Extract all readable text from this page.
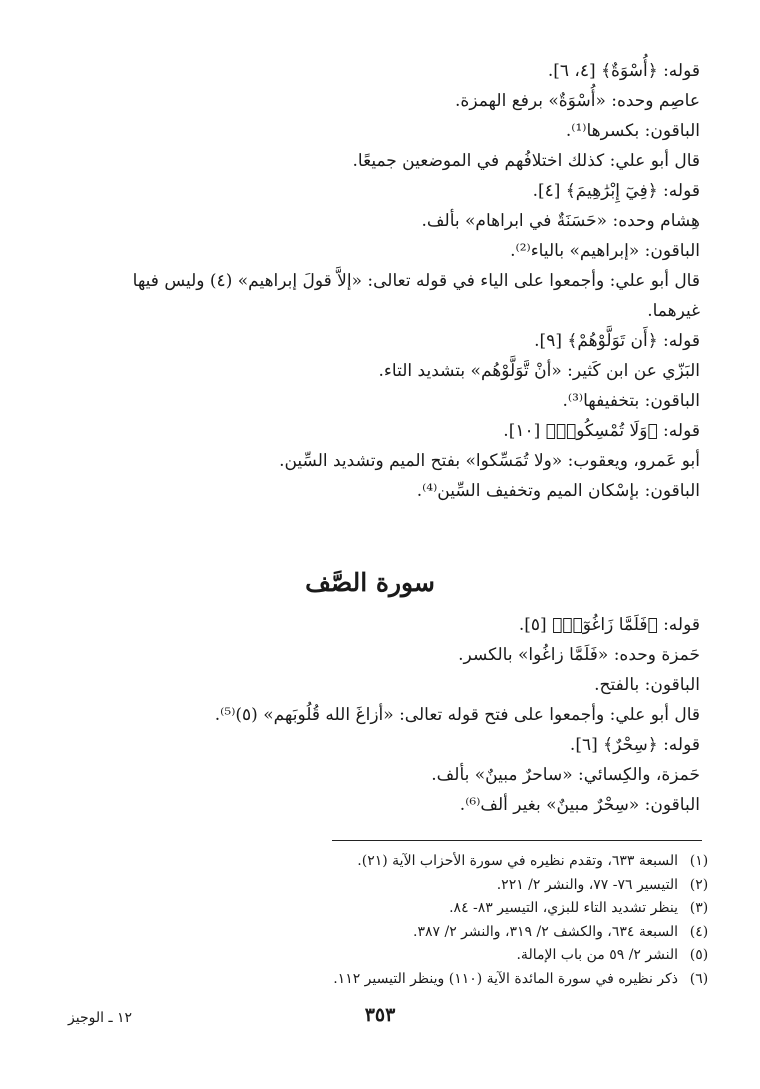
قوله: ﴿أُسْوَةٌ﴾ [٤، ٦].
عاصِم وحده: «أُسْوَةٌ» برفع الهمزة.
الباقون: بكسرها⁽¹⁾.
قال أبو علي: كذلك اختلافُهم في الموضعين جميعًا.
قوله: ﴿فِيٓ إِبْرَٰهِيمَ﴾ [٤].
هِشام وحده: «حَسَنَةٌ في ابراهام» بألف.
الباقون: «إبراهيم» بالياء⁽²⁾.
قال أبو علي: وأجمعوا على الياء في قوله تعالى: «إلاَّ قولَ إبراهيم» (٤) وليس فيها
غيرهما.
قوله: ﴿أَن تَوَلَّوْهُمْ﴾ [٩].
البَزّي عن ابن كَثير: «أنْ تَّوَلَّوْهُم» بتشديد التاء.
الباقون: بتخفيفها⁽³⁾.
قوله: ﴿وَلَا تُمْسِكُوا۟﴾ [١٠].
أبو عَمرو، ويعقوب: «ولا تُمَسِّكوا» بفتح الميم وتشديد السِّين.
الباقون: بإسْكان الميم وتخفيف السِّين⁽⁴⁾.
سورة الصَّف
قوله: ﴿فَلَمَّا زَاغُوٓا۟﴾ [٥].
حَمزة وحده: «فَلَمَّا زاغُوا» بالكسر.
الباقون: بالفتح.
قال أبو علي: وأجمعوا على فتح قوله تعالى: «أزاغَ الله قُلُوبَهم» (٥)⁽⁵⁾.
قوله: ﴿سِحْرٌ﴾ [٦].
حَمزة، والكِسائي: «ساحرٌ مبينٌ» بألف.
الباقون: «سِحْرٌ مبينٌ» بغير ألف⁽⁶⁾.
(١)
السبعة ٦٣٣، وتقدم نظيره في سورة الأحزاب الآية (٢١).
(٢)
التيسير ٧٦- ٧٧، والنشر ٢/ ٢٢١.
(٣)
ينظر تشديد التاء للبزي، التيسير ٨٣- ٨٤.
(٤)
السبعة ٦٣٤، والكشف ٢/ ٣١٩، والنشر ٢/ ٣٨٧.
(٥)
النشر ٢/ ٥٩ من باب الإمالة.
(٦)
ذكر نظيره في سورة المائدة الآية (١١٠) وينظر التيسير ١١٢.
٣٥٣
١٢ ـ الوجيز
